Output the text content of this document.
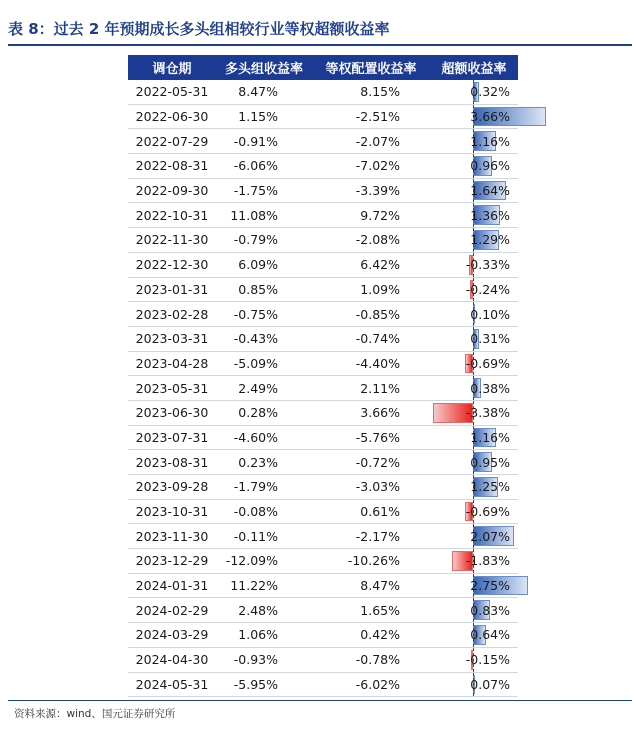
表 8：过去 2 年预期成长多头组相较行业等权超额收益率
调仓期	多头组收益率	等权配置收益率	超额收益率
2022-05-31	8.47%	8.15%	0.32%
2022-06-30	1.15%	-2.51%	3.66%
2022-07-29	-0.91%	-2.07%	1.16%
2022-08-31	-6.06%	-7.02%	0.96%
2022-09-30	-1.75%	-3.39%	1.64%
2022-10-31	11.08%	9.72%	1.36%
2022-11-30	-0.79%	-2.08%	1.29%
2022-12-30	6.09%	6.42%	-0.33%
2023-01-31	0.85%	1.09%	-0.24%
2023-02-28	-0.75%	-0.85%	0.10%
2023-03-31	-0.43%	-0.74%	0.31%
2023-04-28	-5.09%	-4.40%	-0.69%
2023-05-31	2.49%	2.11%	0.38%
2023-06-30	0.28%	3.66%	-3.38%
2023-07-31	-4.60%	-5.76%	1.16%
2023-08-31	0.23%	-0.72%	0.95%
2023-09-28	-1.79%	-3.03%	1.25%
2023-10-31	-0.08%	0.61%	-0.69%
2023-11-30	-0.11%	-2.17%	2.07%
2023-12-29	-12.09%	-10.26%	-1.83%
2024-01-31	11.22%	8.47%	2.75%
2024-02-29	2.48%	1.65%	0.83%
2024-03-29	1.06%	0.42%	0.64%
2024-04-30	-0.93%	-0.78%	-0.15%
2024-05-31	-5.95%	-6.02%	0.07%
资料来源：wind、国元证券研究所
